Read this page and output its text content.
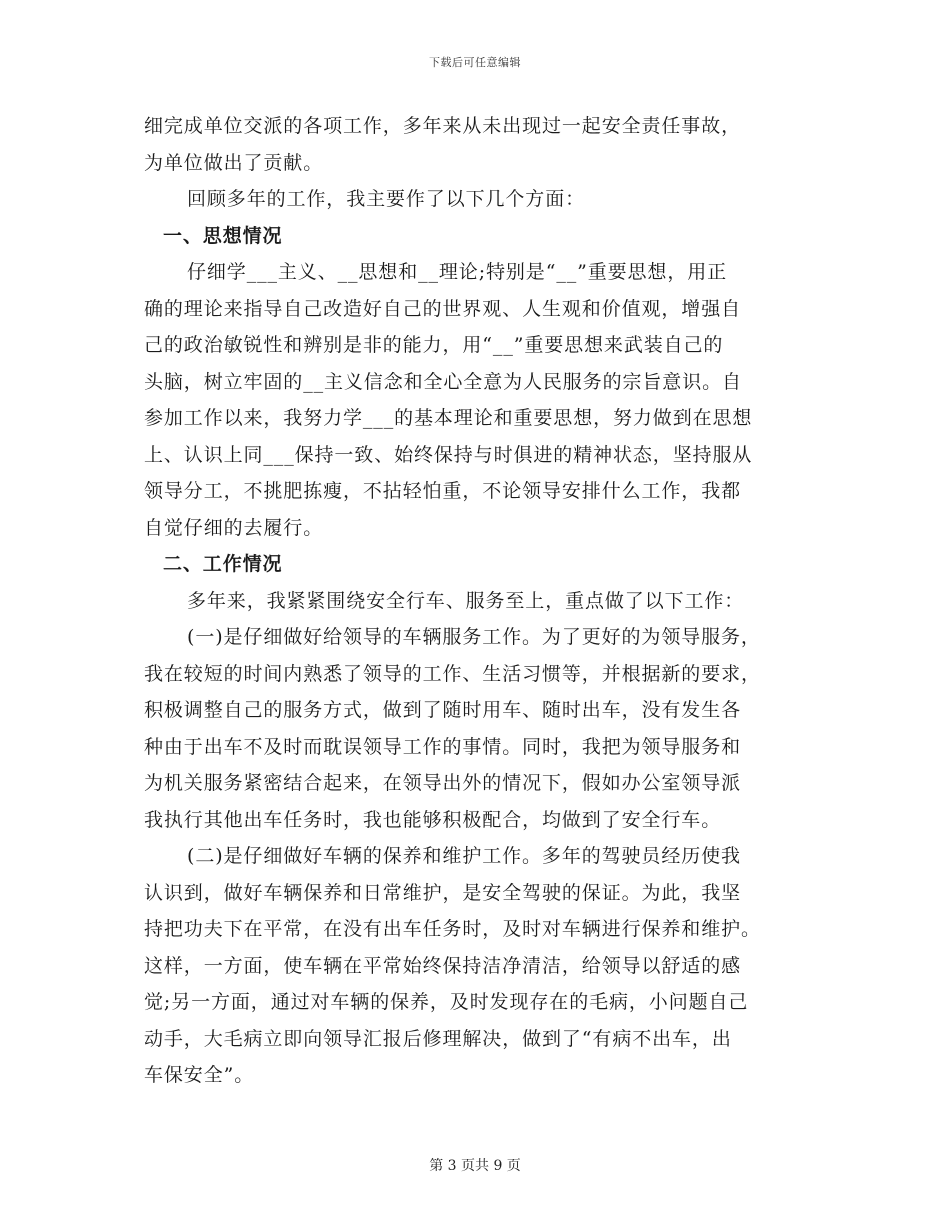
下载后可任意编辑
细完成单位交派的各项工作，多年来从未出现过一起安全责任事故，
为单位做出了贡献。
回顾多年的工作，我主要作了以下几个方面：
一、思想情况
仔细学___主义、__思想和__理论;特别是“__”重要思想，用正
确的理论来指导自己改造好自己的世界观、人生观和价值观，增强自
己的政治敏锐性和辨别是非的能力，用“__”重要思想来武装自己的
头脑，树立牢固的__主义信念和全心全意为人民服务的宗旨意识。自
参加工作以来，我努力学___的基本理论和重要思想，努力做到在思想
上、认识上同___保持一致、始终保持与时俱进的精神状态，坚持服从
领导分工，不挑肥拣瘦，不拈轻怕重，不论领导安排什么工作，我都
自觉仔细的去履行。
二、工作情况
多年来，我紧紧围绕安全行车、服务至上，重点做了以下工作：
(一)是仔细做好给领导的车辆服务工作。为了更好的为领导服务，
我在较短的时间内熟悉了领导的工作、生活习惯等，并根据新的要求，
积极调整自己的服务方式，做到了随时用车、随时出车，没有发生各
种由于出车不及时而耽误领导工作的事情。同时，我把为领导服务和
为机关服务紧密结合起来，在领导出外的情况下，假如办公室领导派
我执行其他出车任务时，我也能够积极配合，均做到了安全行车。
(二)是仔细做好车辆的保养和维护工作。多年的驾驶员经历使我
认识到，做好车辆保养和日常维护，是安全驾驶的保证。为此，我坚
持把功夫下在平常，在没有出车任务时，及时对车辆进行保养和维护。
这样，一方面，使车辆在平常始终保持洁净清洁，给领导以舒适的感
觉;另一方面，通过对车辆的保养，及时发现存在的毛病，小问题自己
动手，大毛病立即向领导汇报后修理解决，做到了“有病不出车，出
车保安全”。
第 3 页共 9 页
